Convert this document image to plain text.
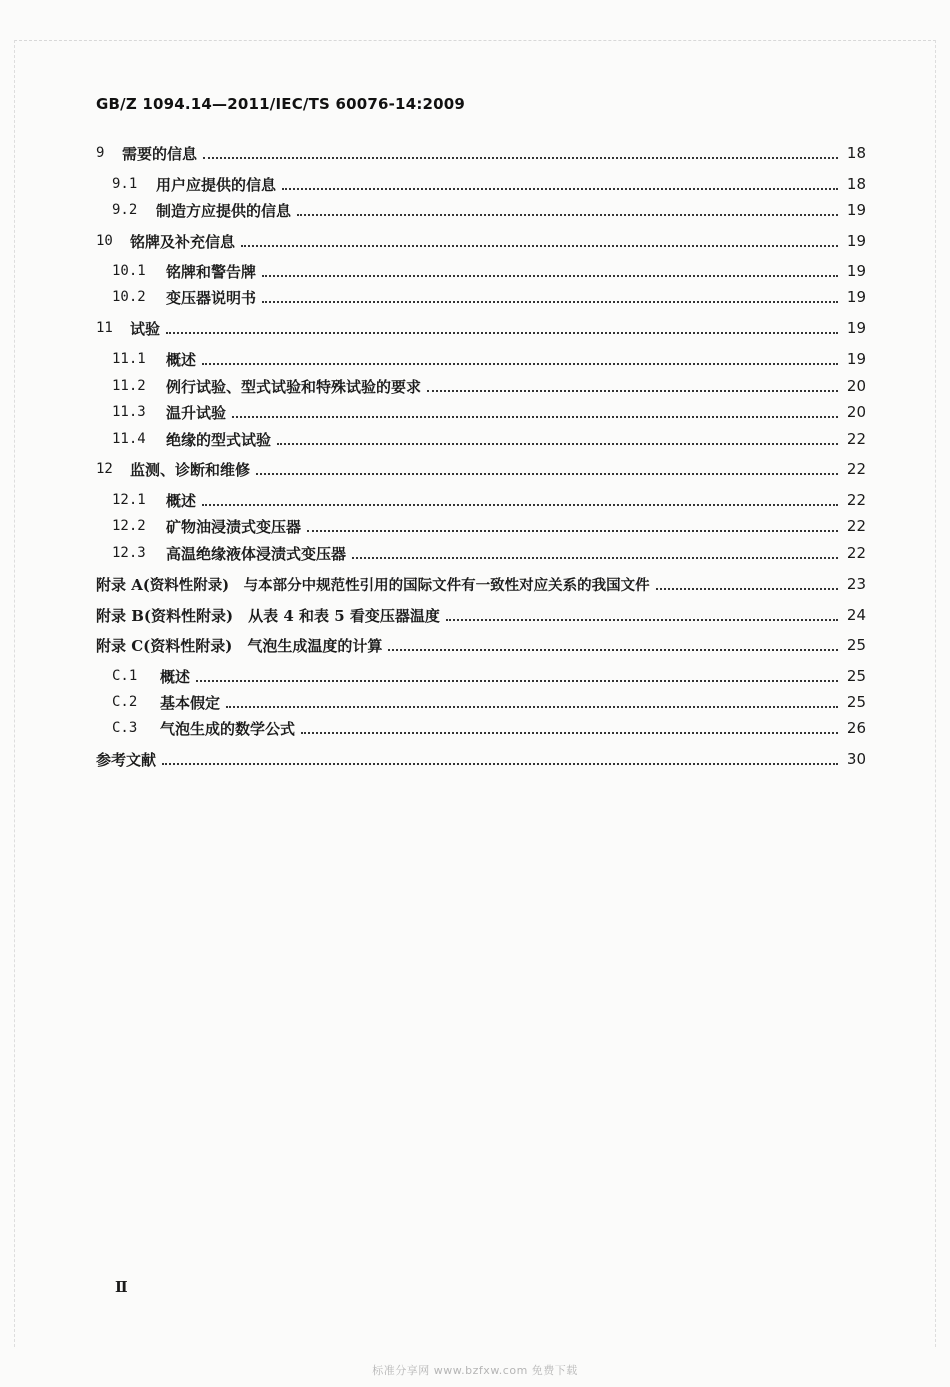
GB/Z 1094.14—2011/IEC/TS 60076-14:2009
9	需要的信息	18
9.1	用户应提供的信息	18
9.2	制造方应提供的信息	19
10	铭牌及补充信息	19
10.1	铭牌和警告牌	19
10.2	变压器说明书	19
11	试验	19
11.1	概述	19
11.2	例行试验、型式试验和特殊试验的要求	20
11.3	温升试验	20
11.4	绝缘的型式试验	22
12	监测、诊断和维修	22
12.1	概述	22
12.2	矿物油浸渍式变压器	22
12.3	高温绝缘液体浸渍式变压器	22
附录 A (资料性附录)　与本部分中规范性引用的国际文件有一致性对应关系的我国文件	23
附录 B (资料性附录)　从表 4 和表 5 看变压器温度	24
附录 C (资料性附录)　气泡生成温度的计算	25
C.1	概述	25
C.2	基本假定	25
C.3	气泡生成的数学公式	26
参考文献	30
Ⅱ
标准分享网 www.bzfxw.com 免费下载
